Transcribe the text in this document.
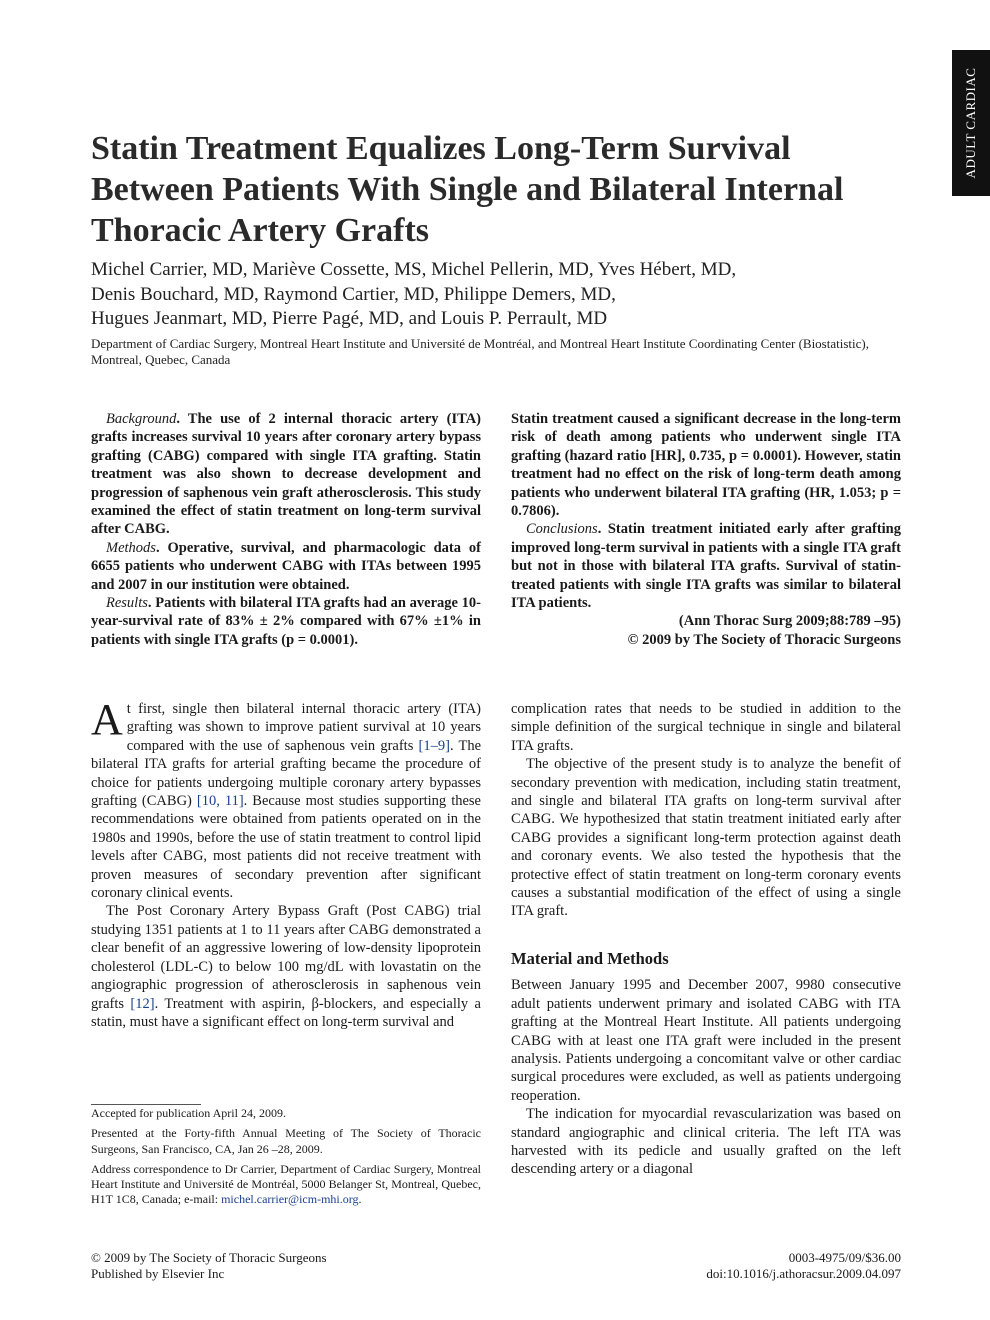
ADULT CARDIAC
Statin Treatment Equalizes Long-Term Survival Between Patients With Single and Bilateral Internal Thoracic Artery Grafts
Michel Carrier, MD, Mariève Cossette, MS, Michel Pellerin, MD, Yves Hébert, MD,
Denis Bouchard, MD, Raymond Cartier, MD, Philippe Demers, MD,
Hugues Jeanmart, MD, Pierre Pagé, MD, and Louis P. Perrault, MD
Department of Cardiac Surgery, Montreal Heart Institute and Université de Montréal, and Montreal Heart Institute Coordinating Center (Biostatistic), Montreal, Quebec, Canada

Background. The use of 2 internal thoracic artery (ITA) grafts increases survival 10 years after coronary artery bypass grafting (CABG) compared with single ITA grafting. Statin treatment was also shown to decrease development and progression of saphenous vein graft atherosclerosis. This study examined the effect of statin treatment on long-term survival after CABG.

Methods. Operative, survival, and pharmacologic data of 6655 patients who underwent CABG with ITAs between 1995 and 2007 in our institution were obtained.

Results. Patients with bilateral ITA grafts had an average 10-year-survival rate of 83% ± 2% compared with 67% ±1% in patients with single ITA grafts (p = 0.0001).

Statin treatment caused a significant decrease in the long-term risk of death among patients who underwent single ITA grafting (hazard ratio [HR], 0.735, p = 0.0001). However, statin treatment had no effect on the risk of long-term death among patients who underwent bilateral ITA grafting (HR, 1.053; p = 0.7806).

Conclusions. Statin treatment initiated early after grafting improved long-term survival in patients with a single ITA graft but not in those with bilateral ITA grafts. Survival of statin-treated patients with single ITA grafts was similar to bilateral ITA patients.

(Ann Thorac Surg 2009;88:789 –95)

© 2009 by The Society of Thoracic Surgeons

At first, single then bilateral internal thoracic artery (ITA) grafting was shown to improve patient survival at 10 years compared with the use of saphenous vein grafts [1–9]. The bilateral ITA grafts for arterial grafting became the procedure of choice for patients undergoing multiple coronary artery bypasses grafting (CABG) [10, 11]. Because most studies supporting these recommendations were obtained from patients operated on in the 1980s and 1990s, before the use of statin treatment to control lipid levels after CABG, most patients did not receive treatment with proven measures of secondary prevention after significant coronary clinical events.

The Post Coronary Artery Bypass Graft (Post CABG) trial studying 1351 patients at 1 to 11 years after CABG demonstrated a clear benefit of an aggressive lowering of low-density lipoprotein cholesterol (LDL-C) to below 100 mg/dL with lovastatin on the angiographic progression of atherosclerosis in saphenous vein grafts [12]. Treatment with aspirin, β-blockers, and especially a statin, must have a significant effect on long-term survival and

complication rates that needs to be studied in addition to the simple definition of the surgical technique in single and bilateral ITA grafts.

The objective of the present study is to analyze the benefit of secondary prevention with medication, including statin treatment, and single and bilateral ITA grafts on long-term survival after CABG. We hypothesized that statin treatment initiated early after CABG provides a significant long-term protection against death and coronary events. We also tested the hypothesis that the protective effect of statin treatment on long-term coronary events causes a substantial modification of the effect of using a single ITA graft.

Material and Methods

Between January 1995 and December 2007, 9980 consecutive adult patients underwent primary and isolated CABG with ITA grafting at the Montreal Heart Institute. All patients undergoing CABG with at least one ITA graft were included in the present analysis. Patients undergoing a concomitant valve or other cardiac surgical procedures were excluded, as well as patients undergoing reoperation.

The indication for myocardial revascularization was based on standard angiographic and clinical criteria. The left ITA was harvested with its pedicle and usually grafted on the left descending artery or a diagonal

Accepted for publication April 24, 2009.

Presented at the Forty-fifth Annual Meeting of The Society of Thoracic Surgeons, San Francisco, CA, Jan 26 –28, 2009.

Address correspondence to Dr Carrier, Department of Cardiac Surgery, Montreal Heart Institute and Université de Montréal, 5000 Belanger St, Montreal, Quebec, H1T 1C8, Canada; e-mail: michel.carrier@icm-mhi.org.

© 2009 by The Society of Thoracic Surgeons
Published by Elsevier Inc
0003-4975/09/$36.00
doi:10.1016/j.athoracsur.2009.04.097
